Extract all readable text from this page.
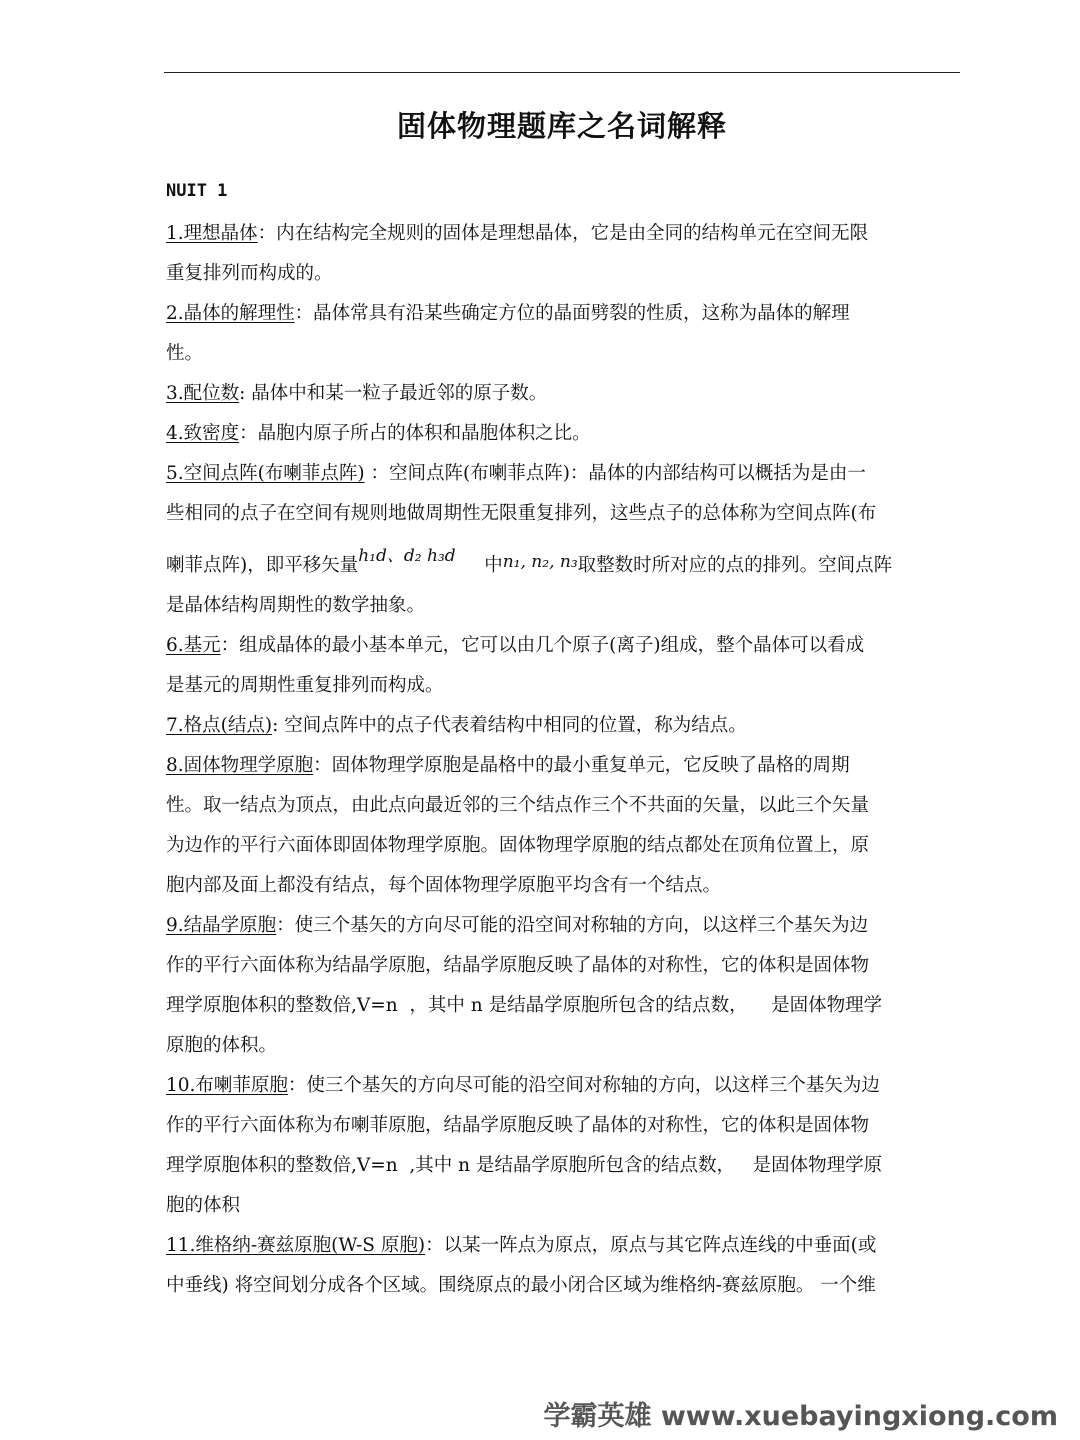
固体物理题库之名词解释
NUIT 1
1.理想晶体：内在结构完全规则的固体是理想晶体，它是由全同的结构单元在空间无限
重复排列而构成的。
2.晶体的解理性：晶体常具有沿某些确定方位的晶面劈裂的性质，这称为晶体的解理
性。
3.配位数: 晶体中和某一粒子最近邻的原子数。
4.致密度：晶胞内原子所占的体积和晶胞体积之比。
5.空间点阵(布喇菲点阵) ：空间点阵(布喇菲点阵)：晶体的内部结构可以概括为是由一
些相同的点子在空间有规则地做周期性无限重复排列，这些点子的总体称为空间点阵(布
喇菲点阵)，即平移矢量h₁d、d₂ h₃d 中n₁, n₂, n₃取整数时所对应的点的排列。空间点阵
是晶体结构周期性的数学抽象。
6.基元：组成晶体的最小基本单元，它可以由几个原子(离子)组成，整个晶体可以看成
是基元的周期性重复排列而构成。
7.格点(结点): 空间点阵中的点子代表着结构中相同的位置，称为结点。
8.固体物理学原胞：固体物理学原胞是晶格中的最小重复单元，它反映了晶格的周期
性。取一结点为顶点，由此点向最近邻的三个结点作三个不共面的矢量，以此三个矢量
为边作的平行六面体即固体物理学原胞。固体物理学原胞的结点都处在顶角位置上，原
胞内部及面上都没有结点，每个固体物理学原胞平均含有一个结点。
9.结晶学原胞：使三个基矢的方向尽可能的沿空间对称轴的方向，以这样三个基矢为边
作的平行六面体称为结晶学原胞，结晶学原胞反映了晶体的对称性，它的体积是固体物
理学原胞体积的整数倍,V=n  ，其中 n 是结晶学原胞所包含的结点数，    是固体物理学
原胞的体积。
10.布喇菲原胞：使三个基矢的方向尽可能的沿空间对称轴的方向，以这样三个基矢为边
作的平行六面体称为布喇菲原胞，结晶学原胞反映了晶体的对称性，它的体积是固体物
理学原胞体积的整数倍,V=n  ,其中 n 是结晶学原胞所包含的结点数，   是固体物理学原
胞的体积
11.维格纳-赛兹原胞(W-S 原胞)：以某一阵点为原点，原点与其它阵点连线的中垂面(或
中垂线) 将空间划分成各个区域。围绕原点的最小闭合区域为维格纳-赛兹原胞。 一个维
学霸英雄 www.xuebayingxiong.com
